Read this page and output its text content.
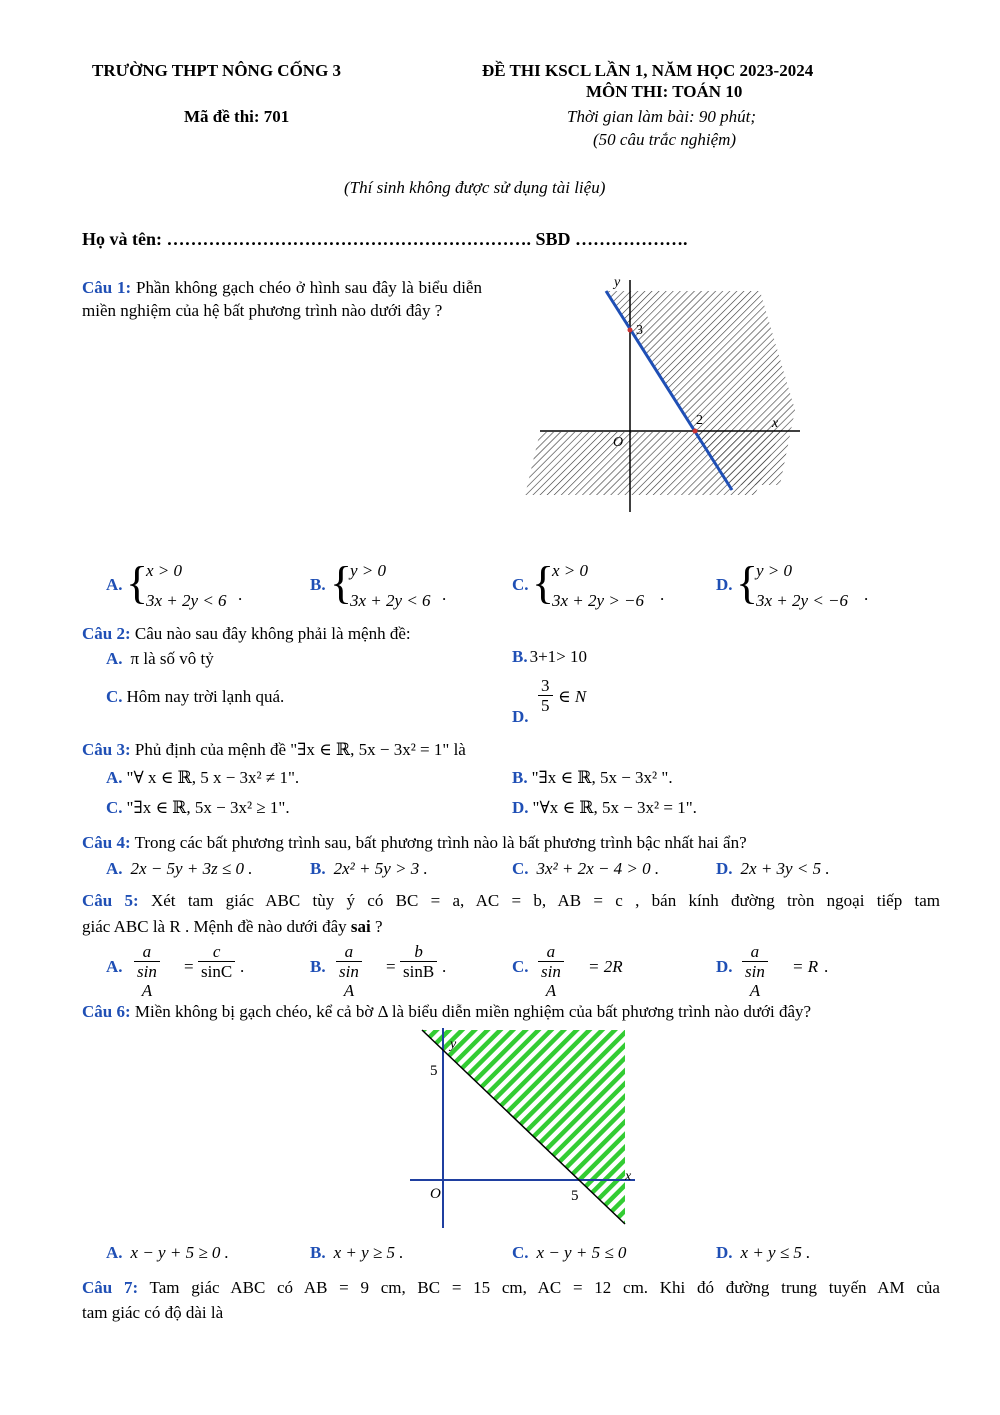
TRƯỜNG THPT NÔNG CỐNG 3	ĐỀ THI KSCL LẦN 1, NĂM HỌC 2023-2024
MÔN THI: TOÁN 10
Mã đề thi: 701	Thời gian làm bài: 90 phút;
(50 câu trắc nghiệm)
(Thí sinh không được sử dụng tài liệu)
Họ và tên: ……………………………………………………. SBD ……………….
Câu 1: Phần không gạch chéo ở hình sau đây là biểu diễn miền nghiệm của hệ bất phương trình nào dưới đây ?
y
x
O
3
2
A. {
x > 0
3x + 2y < 6 .
B. {
y > 0
3x + 2y < 6 .
C. {
x > 0
3x + 2y > −6 .
D. {
y > 0
3x + 2y < −6 .
Câu 2: Câu nào sau đây không phải là mệnh đề:
A. π là số vô tỷ	B. 3+1> 10
C. Hôm nay trời lạnh quá.
D.
$\frac{3}{5}$ ∈ N
Câu 3: Phủ định của mệnh đề "∃x ∈ ℝ, 5x − 3x² = 1" là
A. "∀ x ∈ ℝ, 5 x − 3x² ≠ 1".	B. "∃x ∈ ℝ, 5x − 3x² ".
C. "∃x ∈ ℝ, 5x − 3x² ≥ 1".	D. "∀x ∈ ℝ, 5x − 3x² = 1".
Câu 4: Trong các bất phương trình sau, bất phương trình nào là bất phương trình bậc nhất hai ẩn?
A. 2x − 5y + 3z ≤ 0 .	B. 2x² + 5y > 3 .	C. 3x² + 2x − 4 > 0 .	D. 2x + 3y < 5 .
Câu 5: Xét tam giác ABC tùy ý có BC = a, AC = b, AB = c , bán kính đường tròn ngoại tiếp tam
giác ABC là R . Mệnh đề nào dưới đây sai ?
A. $\frac{a}{\text{sin A}} = \frac{c}{\sin C}$ .	B. $\frac{a}{\text{sin A}} = \frac{b}{\sin B}$ .	C. $\frac{a}{\text{sin A}} = 2R$	D. $\frac{a}{\text{sin A}} = R$ .
Câu 6: Miền không bị gạch chéo, kể cả bờ Δ là biểu diễn miền nghiệm của bất phương trình nào dưới đây?
y
x
O
5
5
A. x − y + 5 ≥ 0 .	B. x + y ≥ 5 .	C. x − y + 5 ≤ 0	D. x + y ≤ 5 .
Câu 7: Tam giác ABC có AB = 9 cm, BC = 15 cm, AC = 12 cm. Khi đó đường trung tuyến AM của
tam giác có độ dài là
